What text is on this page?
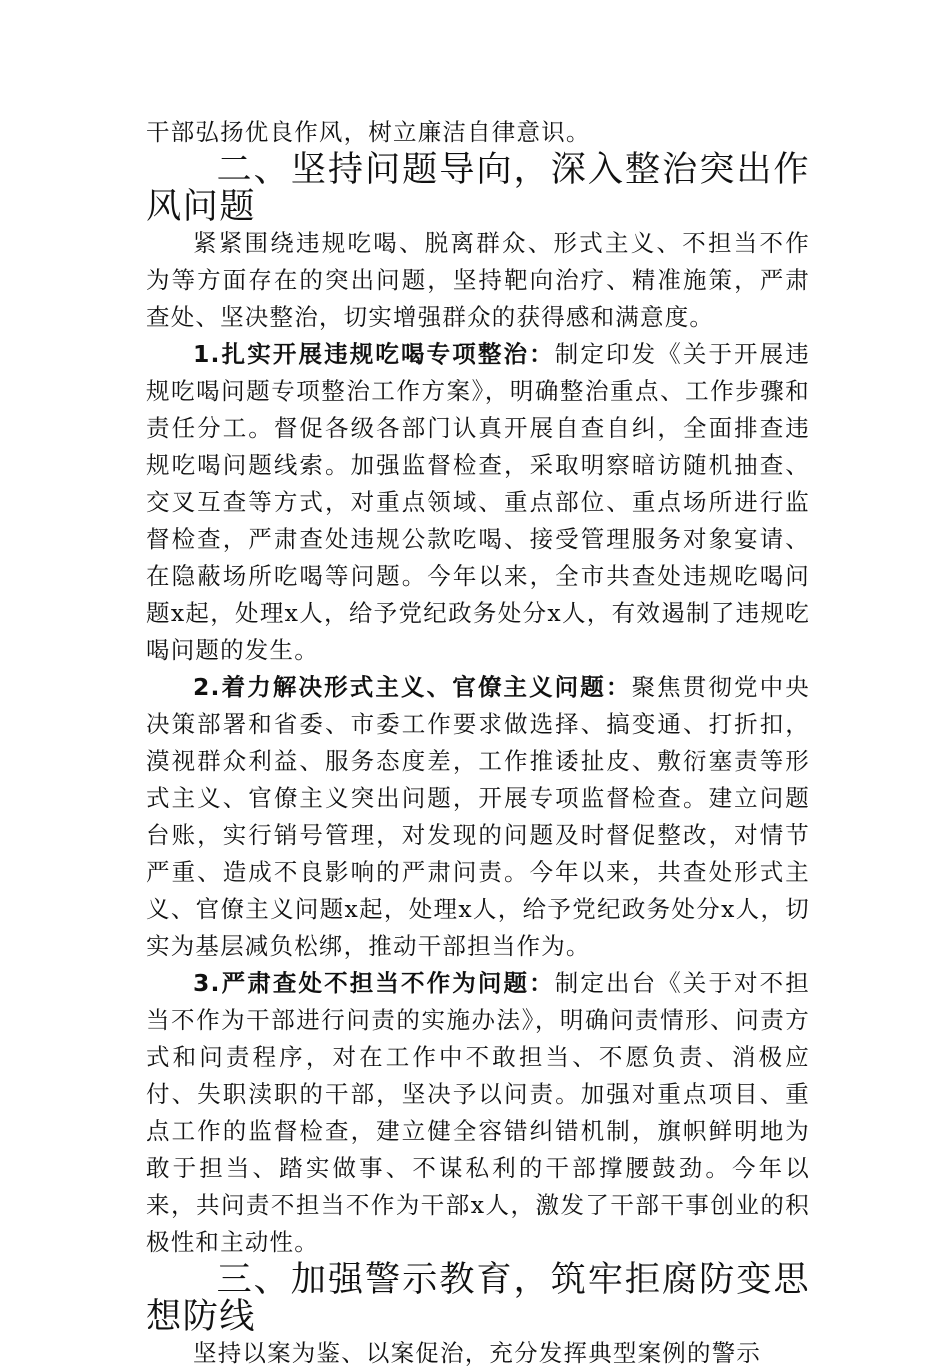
干部弘扬优良作风，树立廉洁自律意识。

二、坚持问题导向，深入整治突出作风问题

紧紧围绕违规吃喝、脱离群众、形式主义、不担当不作为等方面存在的突出问题，坚持靶向治疗、精准施策，严肃查处、坚决整治，切实增强群众的获得感和满意度。

1.扎实开展违规吃喝专项整治：制定印发《关于开展违规吃喝问题专项整治工作方案》，明确整治重点、工作步骤和责任分工。督促各级各部门认真开展自查自纠，全面排查违规吃喝问题线索。加强监督检查，采取明察暗访随机抽查、交叉互查等方式，对重点领域、重点部位、重点场所进行监督检查，严肃查处违规公款吃喝、接受管理服务对象宴请、在隐蔽场所吃喝等问题。今年以来，全市共查处违规吃喝问题x起，处理x人，给予党纪政务处分x人，有效遏制了违规吃喝问题的发生。

2.着力解决形式主义、官僚主义问题：聚焦贯彻党中央决策部署和省委、市委工作要求做选择、搞变通、打折扣，漠视群众利益、服务态度差，工作推诿扯皮、敷衍塞责等形式主义、官僚主义突出问题，开展专项监督检查。建立问题台账，实行销号管理，对发现的问题及时督促整改，对情节严重、造成不良影响的严肃问责。今年以来，共查处形式主义、官僚主义问题x起，处理x人，给予党纪政务处分x人，切实为基层减负松绑，推动干部担当作为。

3.严肃查处不担当不作为问题：制定出台《关于对不担当不作为干部进行问责的实施办法》，明确问责情形、问责方式和问责程序，对在工作中不敢担当、不愿负责、消极应付、失职渎职的干部，坚决予以问责。加强对重点项目、重点工作的监督检查，建立健全容错纠错机制，旗帜鲜明地为敢于担当、踏实做事、不谋私利的干部撑腰鼓劲。今年以来，共问责不担当不作为干部x人，激发了干部干事创业的积极性和主动性。

三、加强警示教育，筑牢拒腐防变思想防线

坚持以案为鉴、以案促治，充分发挥典型案例的警示
